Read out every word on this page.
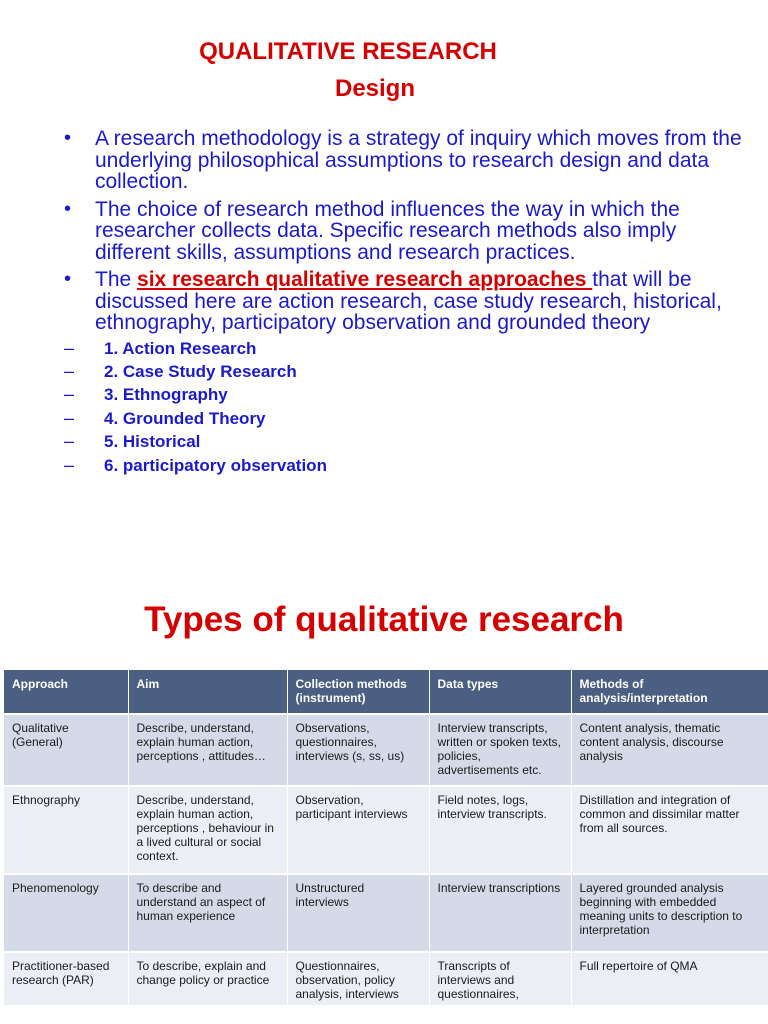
QUALITATIVE RESEARCH
Design
• A research methodology is a strategy of inquiry which moves from the underlying philosophical assumptions to research design and data collection.
• The choice of research method influences the way in which the researcher collects data. Specific research methods also imply different skills, assumptions and research practices.
• The six research qualitative research approaches that will be discussed here are action research, case study research, historical, ethnography, participatory observation and grounded theory
– 1. Action Research
– 2. Case Study Research
– 3. Ethnography
– 4. Grounded Theory
– 5. Historical
– 6. participatory observation
Types of qualitative research
Approach	Aim	Collection methods (instrument)	Data types	Methods of analysis/interpretation
Qualitative (General)	Describe, understand, explain human action, perceptions , attitudes…	Observations, questionnaires, interviews (s, ss, us)	Interview transcripts, written or spoken texts, policies, advertisements etc.	Content analysis, thematic content analysis, discourse analysis
Ethnography	Describe, understand, explain human action, perceptions , behaviour in a lived cultural or social context.	Observation, participant interviews	Field notes, logs, interview transcripts.	Distillation and integration of common and dissimilar matter from all sources.
Phenomenology	To describe and understand an aspect of human experience	Unstructured interviews	Interview transcriptions	Layered grounded analysis beginning with embedded meaning units to description to interpretation
Practitioner-based research (PAR)	To describe, explain and change policy or practice	Questionnaires, observation, policy analysis, interviews	Transcripts of interviews and questionnaires,	Full repertoire of QMA
